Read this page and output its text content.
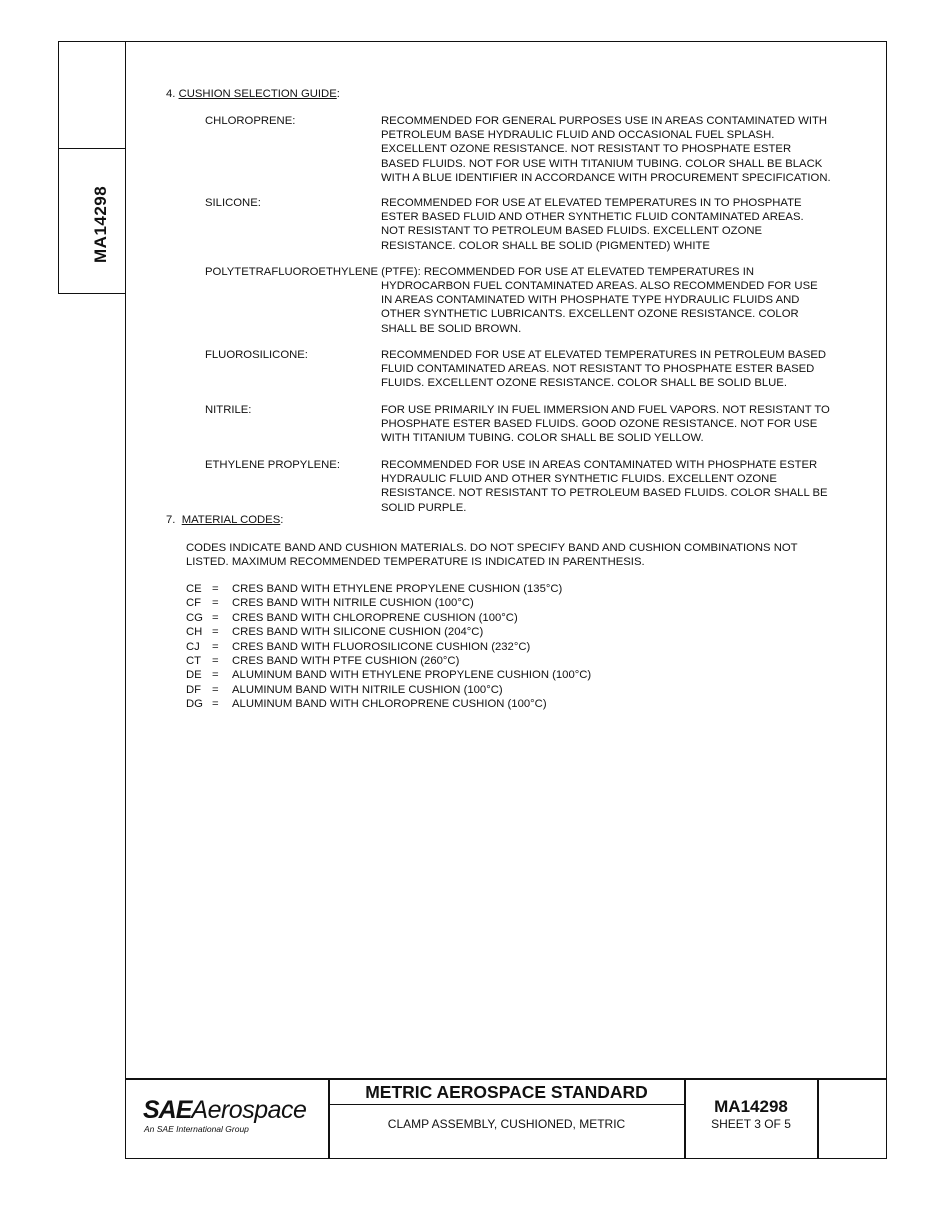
MA14298
4. CUSHION SELECTION GUIDE:
CHLOROPRENE:	RECOMMENDED FOR GENERAL PURPOSES USE IN AREAS CONTAMINATED WITH
PETROLEUM BASE HYDRAULIC FLUID AND OCCASIONAL FUEL SPLASH.
EXCELLENT OZONE RESISTANCE. NOT RESISTANT TO PHOSPHATE ESTER
BASED FLUIDS. NOT FOR USE WITH TITANIUM TUBING. COLOR SHALL BE BLACK
WITH A BLUE IDENTIFIER IN ACCORDANCE WITH PROCUREMENT SPECIFICATION.
SILICONE:	RECOMMENDED FOR USE AT ELEVATED TEMPERATURES IN TO PHOSPHATE
ESTER BASED FLUID AND OTHER SYNTHETIC FLUID CONTAMINATED AREAS.
NOT RESISTANT TO PETROLEUM BASED FLUIDS. EXCELLENT OZONE
RESISTANCE. COLOR SHALL BE SOLID (PIGMENTED) WHITE
POLYTETRAFLUOROETHYLENE (PTFE): RECOMMENDED FOR USE AT ELEVATED TEMPERATURES IN
HYDROCARBON FUEL CONTAMINATED AREAS. ALSO RECOMMENDED FOR USE
IN AREAS CONTAMINATED WITH PHOSPHATE TYPE HYDRAULIC FLUIDS AND
OTHER SYNTHETIC LUBRICANTS. EXCELLENT OZONE RESISTANCE. COLOR
SHALL BE SOLID BROWN.
FLUOROSILICONE:	RECOMMENDED FOR USE AT ELEVATED TEMPERATURES IN PETROLEUM BASED
FLUID CONTAMINATED AREAS. NOT RESISTANT TO PHOSPHATE ESTER BASED
FLUIDS. EXCELLENT OZONE RESISTANCE. COLOR SHALL BE SOLID BLUE.
NITRILE:	FOR USE PRIMARILY IN FUEL IMMERSION AND FUEL VAPORS. NOT RESISTANT TO
PHOSPHATE ESTER BASED FLUIDS. GOOD OZONE RESISTANCE. NOT FOR USE
WITH TITANIUM TUBING. COLOR SHALL BE SOLID YELLOW.
ETHYLENE PROPYLENE:	RECOMMENDED FOR USE IN AREAS CONTAMINATED WITH PHOSPHATE ESTER
HYDRAULIC FLUID AND OTHER SYNTHETIC FLUIDS. EXCELLENT OZONE
RESISTANCE. NOT RESISTANT TO PETROLEUM BASED FLUIDS. COLOR SHALL BE
SOLID PURPLE.
7. MATERIAL CODES:
CODES INDICATE BAND AND CUSHION MATERIALS. DO NOT SPECIFY BAND AND CUSHION COMBINATIONS NOT
LISTED. MAXIMUM RECOMMENDED TEMPERATURE IS INDICATED IN PARENTHESIS.
CE =	CRES BAND WITH ETHYLENE PROPYLENE CUSHION (135°C)
CF =	CRES BAND WITH NITRILE CUSHION (100°C)
CG =	CRES BAND WITH CHLOROPRENE CUSHION (100°C)
CH =	CRES BAND WITH SILICONE CUSHION (204°C)
CJ	=	CRES BAND WITH FLUOROSILICONE CUSHION (232°C)
CT =	CRES BAND WITH PTFE CUSHION (260°C)
DE =	ALUMINUM BAND WITH ETHYLENE PROPYLENE CUSHION (100°C)
DF =	ALUMINUM BAND WITH NITRILE CUSHION (100°C)
DG =	ALUMINUM BAND WITH CHLOROPRENE CUSHION (100°C)
SAEAerospace
An SAE International Group
METRIC AEROSPACE STANDARD
CLAMP ASSEMBLY, CUSHIONED, METRIC
MA14298
SHEET 3 OF 5
